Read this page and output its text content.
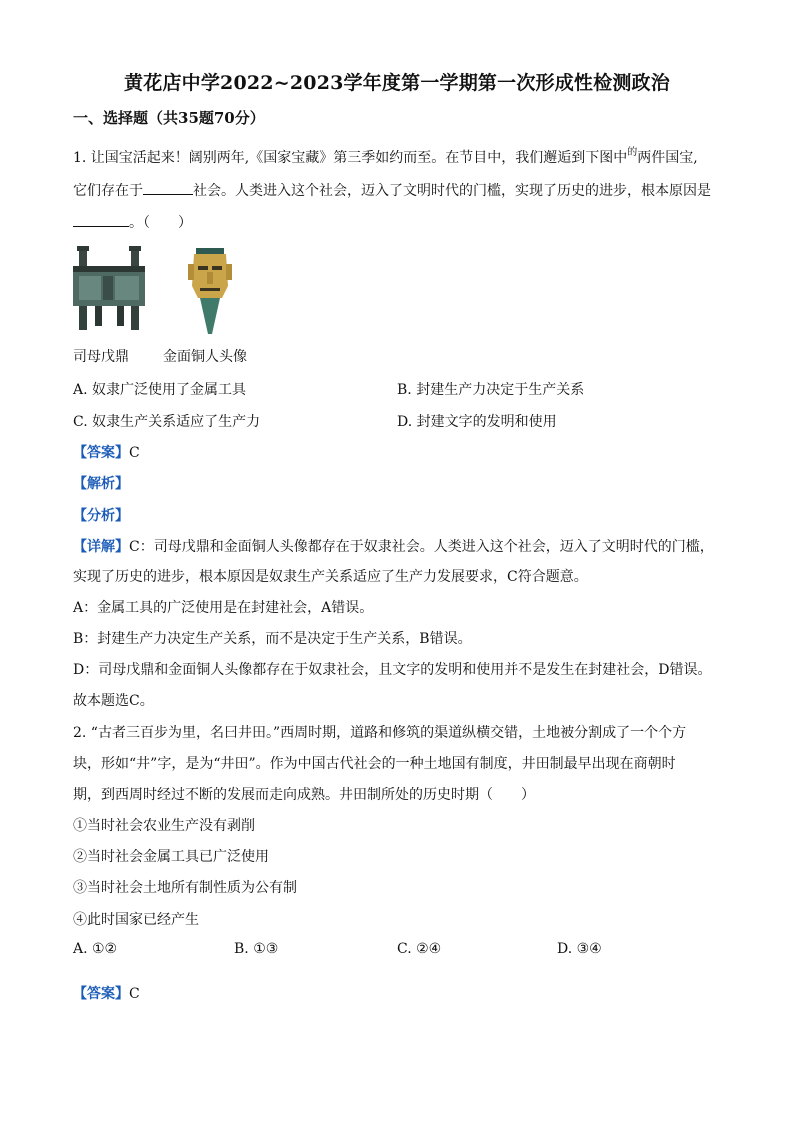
黄花店中学2022~2023学年度第一学期第一次形成性检测政治
一、选择题（共35题70分）
1. 让国宝活起来！阔别两年,《国家宝藏》第三季如约而至。在节目中，我们邂逅到下图中$^的$两件国宝,
它们存在于	社会。人类进入这个社会，迈入了文明时代的门槛，实现了历史的进步，根本原因是
。（　　）
司母戊鼎 金面铜人头像
A. 奴隶广泛使用了金属工具	B. 封建生产力决定于生产关系
C. 奴隶生产关系适应了生产力	D. 封建文字的发明和使用
【答案】C
【解析】
【分析】
【详解】C：司母戊鼎和金面铜人头像都存在于奴隶社会。人类进入这个社会，迈入了文明时代的门槛，
实现了历史的进步，根本原因是奴隶生产关系适应了生产力发展要求，C符合题意。
A：金属工具的广泛使用是在封建社会，A错误。
B：封建生产力决定生产关系，而不是决定于生产关系，B错误。
D：司母戊鼎和金面铜人头像都存在于奴隶社会，且文字的发明和使用并不是发生在封建社会，D错误。
故本题选C。
2. “古者三百步为里，名曰井田。”西周时期，道路和修筑的渠道纵横交错，土地被分割成了一个个方
块，形如“井”字，是为“井田”。作为中国古代社会的一种土地国有制度，井田制最早出现在商朝时
期，到西周时经过不断的发展而走向成熟。井田制所处的历史时期（　　）
①当时社会农业生产没有剥削
②当时社会金属工具已广泛使用
③当时社会土地所有制性质为公有制
④此时国家已经产生
A. ①②	B. ①③	C. ②④	D. ③④
【答案】C
